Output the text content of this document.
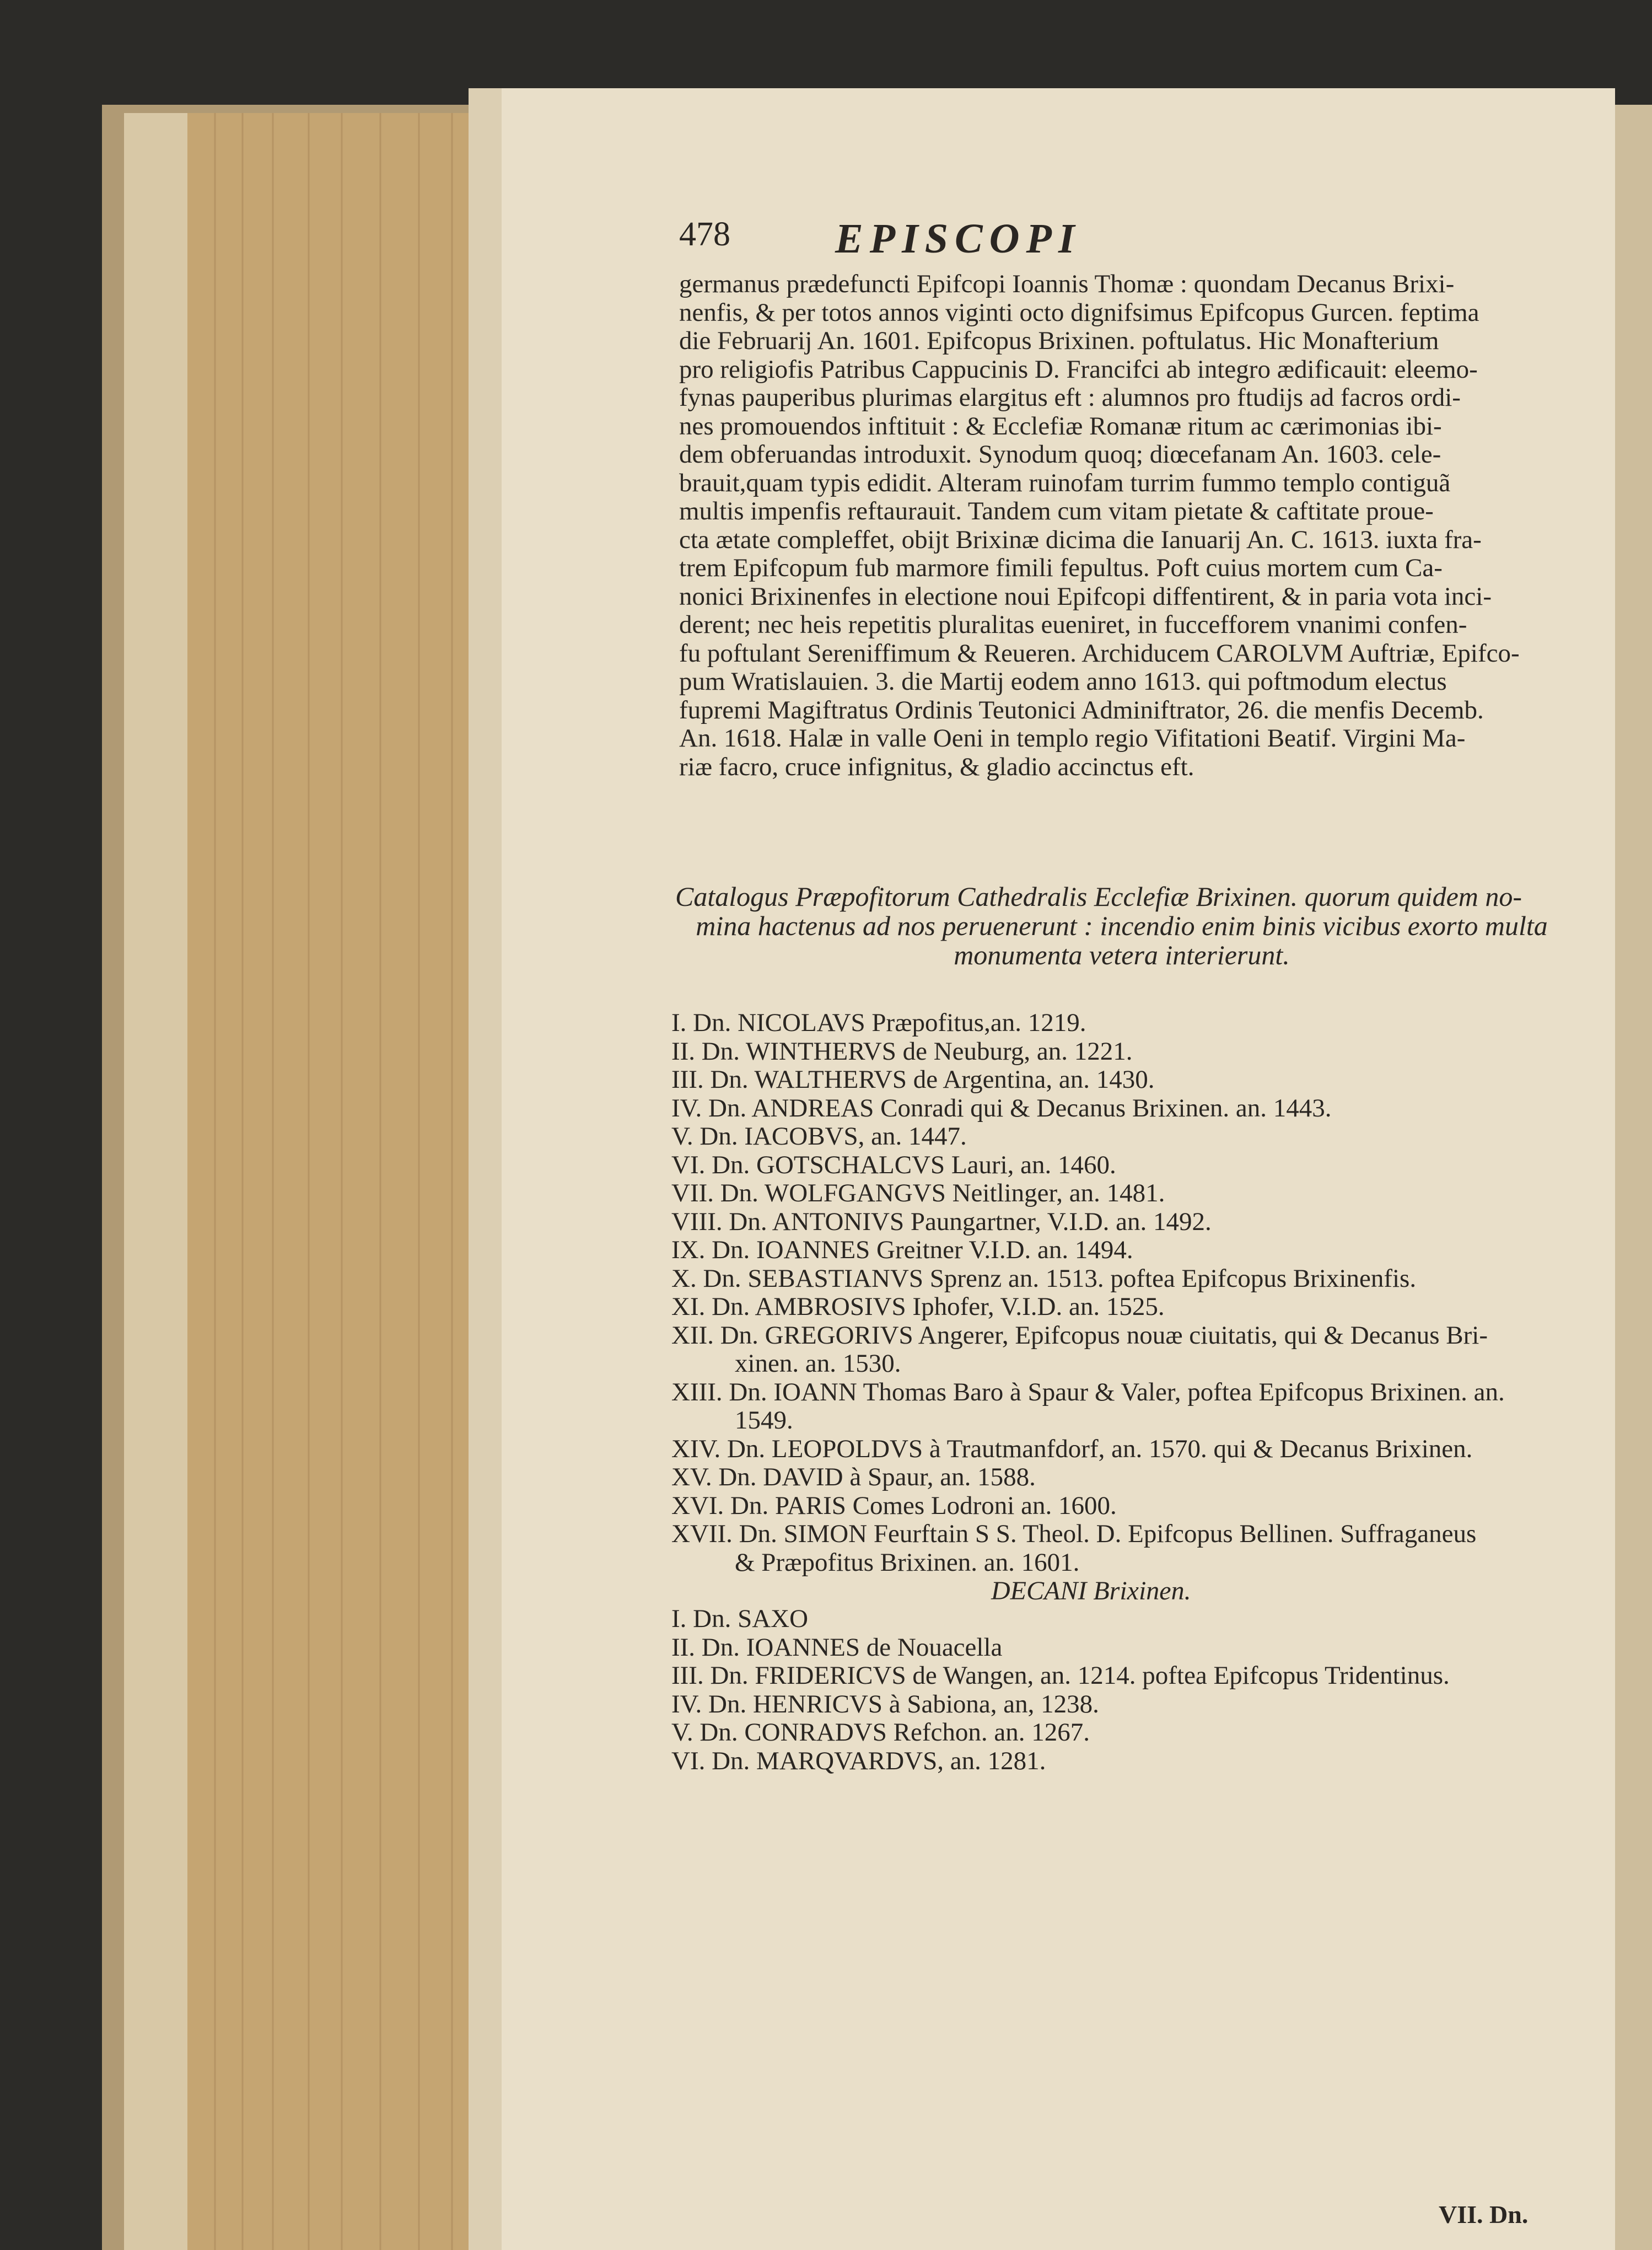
478	EPISCOPI
germanus prædefuncti Epifcopi Ioannis Thomæ : quondam Decanus Brixi-
nenfis, & per totos annos viginti octo dignifsimus Epifcopus Gurcen. feptima
die Februarij An. 1601. Epifcopus Brixinen. poftulatus. Hic Monafterium
pro religiofis Patribus Cappucinis D. Francifci ab integro ædificauit: eleemo-
fynas pauperibus plurimas elargitus eft : alumnos pro ftudijs ad facros ordi-
nes promouendos inftituit : & Ecclefiæ Romanæ ritum ac cærimonias ibi-
dem obferuandas introduxit. Synodum quoq; diœcefanam An. 1603. cele-
brauit,quam typis edidit. Alteram ruinofam turrim fummo templo contiguã
multis impenfis reftaurauit. Tandem cum vitam pietate & caftitate proue-
cta ætate compleffet, obijt Brixinæ dicima die Ianuarij An. C. 1613. iuxta fra-
trem Epifcopum fub marmore fimili fepultus. Poft cuius mortem cum Ca-
nonici Brixinenfes in electione noui Epifcopi diffentirent, & in paria vota inci-
derent; nec heis repetitis pluralitas eueniret, in fuccefforem vnanimi confen-
fu poftulant Sereniffimum & Reueren. Archiducem CAROLVM Auftriæ, Epifco-
pum Wratislauien. 3. die Martij eodem anno 1613. qui poftmodum electus
fupremi Magiftratus Ordinis Teutonici Adminiftrator, 26. die menfis Decemb.
An. 1618. Halæ in valle Oeni in templo regio Vifitationi Beatif. Virgini Ma-
riæ facro, cruce infignitus, & gladio accinctus eft.
Catalogus Præpofitorum Cathedralis Ecclefiæ Brixinen. quorum quidem no-
mina hactenus ad nos peruenerunt : incendio enim binis vicibus exorto multa
monumenta vetera interierunt.
I. Dn. NICOLAVS Præpofitus,an. 1219.
II. Dn. WINTHERVS de Neuburg, an. 1221.
III. Dn. WALTHERVS de Argentina, an. 1430.
IV. Dn. ANDREAS Conradi qui & Decanus Brixinen. an. 1443.
V. Dn. IACOBVS, an. 1447.
VI. Dn. GOTSCHALCVS Lauri, an. 1460.
VII. Dn. WOLFGANGVS Neitlinger, an. 1481.
VIII. Dn. ANTONIVS Paungartner, V.I.D. an. 1492.
IX. Dn. IOANNES Greitner V.I.D. an. 1494.
X. Dn. SEBASTIANVS Sprenz an. 1513. poftea Epifcopus Brixinenfis.
XI. Dn. AMBROSIVS Iphofer, V.I.D. an. 1525.
XII. Dn. GREGORIVS Angerer, Epifcopus nouæ ciuitatis, qui & Decanus Bri-
xinen. an. 1530.
XIII. Dn. IOANN Thomas Baro à Spaur & Valer, poftea Epifcopus Brixinen. an.
1549.
XIV. Dn. LEOPOLDVS à Trautmanfdorf, an. 1570. qui & Decanus Brixinen.
XV. Dn. DAVID à Spaur, an. 1588.
XVI. Dn. PARIS Comes Lodroni an. 1600.
XVII. Dn. SIMON Feurftain S S. Theol. D. Epifcopus Bellinen. Suffraganeus
& Præpofitus Brixinen. an. 1601.
DECANI Brixinen.
I. Dn. SAXO
II. Dn. IOANNES de Nouacella
III. Dn. FRIDERICVS de Wangen, an. 1214. poftea Epifcopus Tridentinus.
IV. Dn. HENRICVS à Sabiona, an, 1238.
V. Dn. CONRADVS Refchon. an. 1267.
VI. Dn. MARQVARDVS, an. 1281.
VII. Dn.
